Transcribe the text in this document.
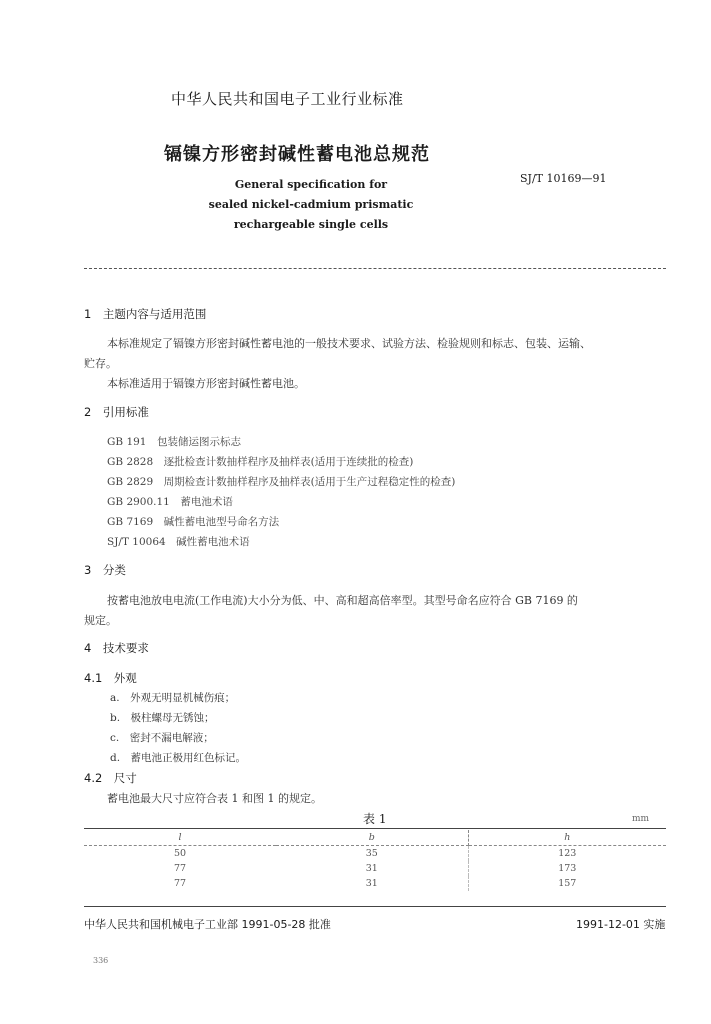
中华人民共和国电子工业行业标准
镉镍方形密封碱性蓄电池总规范
SJ/T 10169—91
General specification for
sealed nickel-cadmium prismatic
rechargeable single cells
1　主题内容与适用范围
本标准规定了镉镍方形密封碱性蓄电池的一般技术要求、试验方法、检验规则和标志、包装、运输、
贮存。
本标准适用于镉镍方形密封碱性蓄电池。
2　引用标准
GB 191　包装储运图示标志
GB 2828　逐批检查计数抽样程序及抽样表(适用于连续批的检查)
GB 2829　周期检查计数抽样程序及抽样表(适用于生产过程稳定性的检查)
GB 2900.11　蓄电池术语
GB 7169　碱性蓄电池型号命名方法
SJ/T 10064　碱性蓄电池术语
3　分类
按蓄电池放电电流(工作电流)大小分为低、中、高和超高倍率型。其型号命名应符合 GB 7169 的
规定。
4　技术要求
4.1　外观
a.　外观无明显机械伤痕；
b.　极柱螺母无锈蚀；
c.　密封不漏电解液；
d.　蓄电池正极用红色标记。
4.2　尺寸
蓄电池最大尺寸应符合表 1 和图 1 的规定。
表 1	mm
l	b	h
50	35	123
77	31	173
77	31	157
中华人民共和国机械电子工业部 1991-05-28 批准	1991-12-01 实施
336
